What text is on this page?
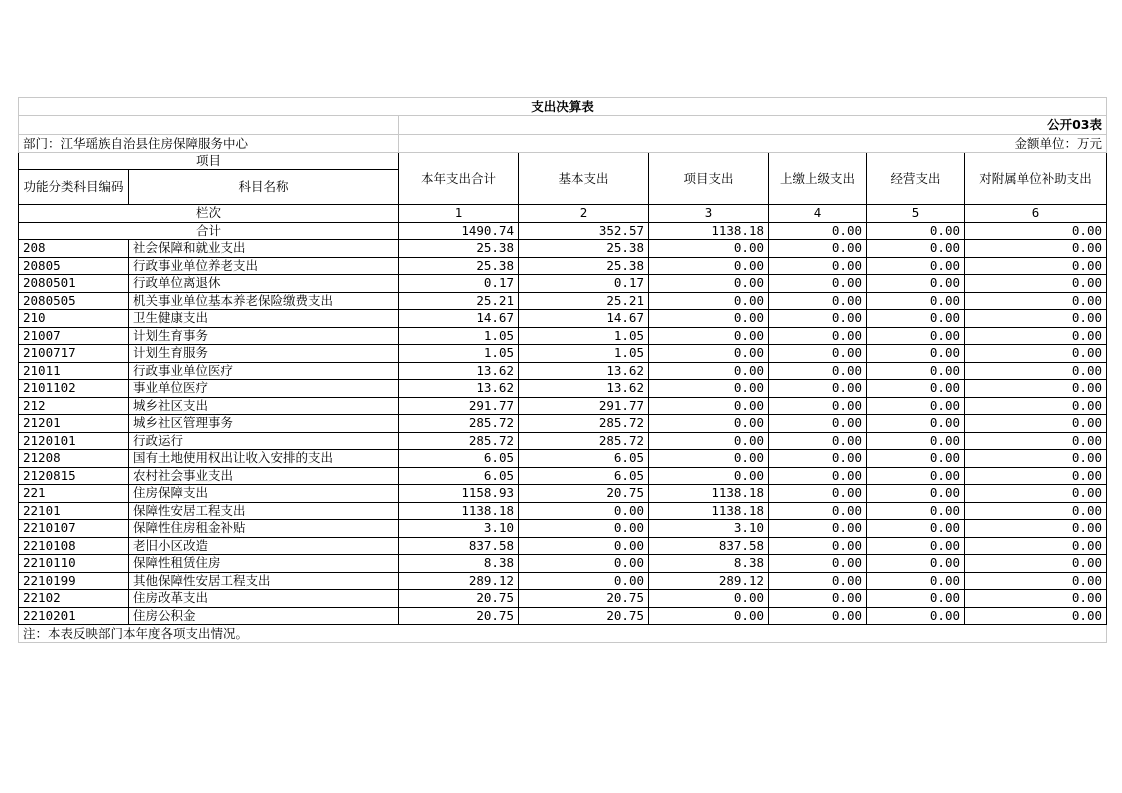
支出决算表							
		公开03表					
部门：江华瑶族自治县住房保障服务中心		金额单位：万元					
项目		本年支出合计	基本支出	项目支出	上缴上级支出	经营支出	对附属单位补助支出
功能分类科目编码	科目名称						
栏次		1	2	3	4	5	6
合计		1490.74	352.57	1138.18	0.00	0.00	0.00
208	社会保障和就业支出	25.38	25.38	0.00	0.00	0.00	0.00
20805	行政事业单位养老支出	25.38	25.38	0.00	0.00	0.00	0.00
2080501	行政单位离退休	0.17	0.17	0.00	0.00	0.00	0.00
2080505	机关事业单位基本养老保险缴费支出	25.21	25.21	0.00	0.00	0.00	0.00
210	卫生健康支出	14.67	14.67	0.00	0.00	0.00	0.00
21007	计划生育事务	1.05	1.05	0.00	0.00	0.00	0.00
2100717	计划生育服务	1.05	1.05	0.00	0.00	0.00	0.00
21011	行政事业单位医疗	13.62	13.62	0.00	0.00	0.00	0.00
2101102	事业单位医疗	13.62	13.62	0.00	0.00	0.00	0.00
212	城乡社区支出	291.77	291.77	0.00	0.00	0.00	0.00
21201	城乡社区管理事务	285.72	285.72	0.00	0.00	0.00	0.00
2120101	行政运行	285.72	285.72	0.00	0.00	0.00	0.00
21208	国有土地使用权出让收入安排的支出	6.05	6.05	0.00	0.00	0.00	0.00
2120815	农村社会事业支出	6.05	6.05	0.00	0.00	0.00	0.00
221	住房保障支出	1158.93	20.75	1138.18	0.00	0.00	0.00
22101	保障性安居工程支出	1138.18	0.00	1138.18	0.00	0.00	0.00
2210107	保障性住房租金补贴	3.10	0.00	3.10	0.00	0.00	0.00
2210108	老旧小区改造	837.58	0.00	837.58	0.00	0.00	0.00
2210110	保障性租赁住房	8.38	0.00	8.38	0.00	0.00	0.00
2210199	其他保障性安居工程支出	289.12	0.00	289.12	0.00	0.00	0.00
22102	住房改革支出	20.75	20.75	0.00	0.00	0.00	0.00
2210201	住房公积金	20.75	20.75	0.00	0.00	0.00	0.00
注：本表反映部门本年度各项支出情况。							
